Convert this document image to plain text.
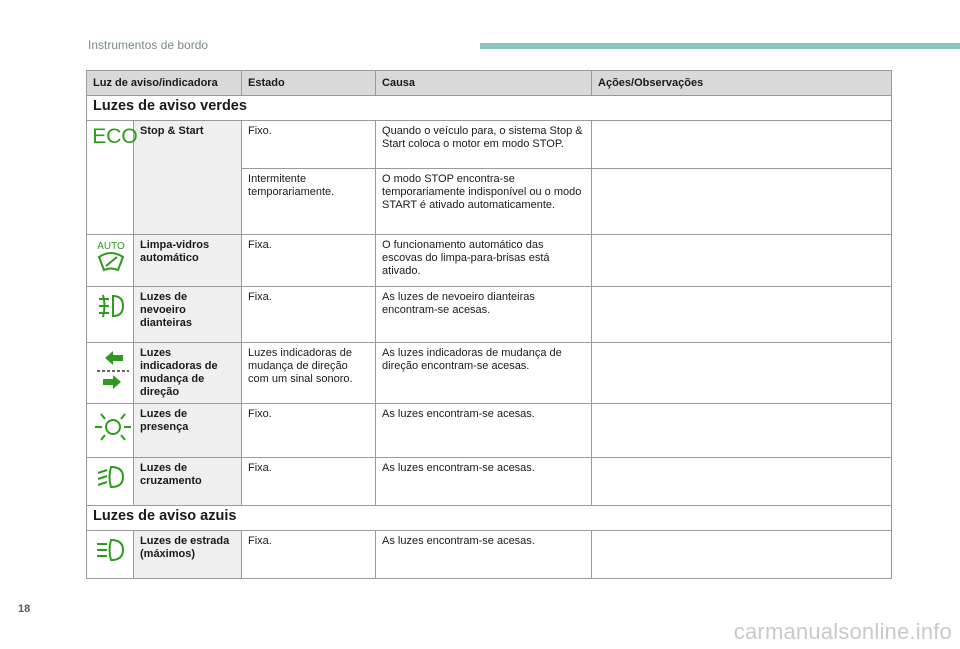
Instrumentos de bordo
Luz de aviso/indicadora		Estado	Causa	Ações/Observações
Luzes de aviso verdes				

ECO	Stop & Start	Fixo.	Quando o veículo para, o sistema Stop & Start coloca o motor em modo STOP.	
		Intermitente temporariamente.	O modo STOP encontra-se temporariamente indisponível ou o modo START é ativado automaticamente.	

AUTO	Limpa-vidros automático	Fixa.	O funcionamento automático das escovas do limpa-para-brisas está ativado.	
	Luzes de nevoeiro dianteiras	Fixa.	As luzes de nevoeiro dianteiras encontram-se acesas.	
	Luzes indicadoras de mudança de direção	Luzes indicadoras de mudança de direção com um sinal sonoro.	As luzes indicadoras de mudança de direção encontram-se acesas.	
	Luzes de presença	Fixo.	As luzes encontram-se acesas.	
	Luzes de cruzamento	Fixa.	As luzes encontram-se acesas.	
Luzes de aviso azuis				
	Luzes de estrada (máximos)	Fixa.	As luzes encontram-se acesas.	
18
carmanualsonline.info
